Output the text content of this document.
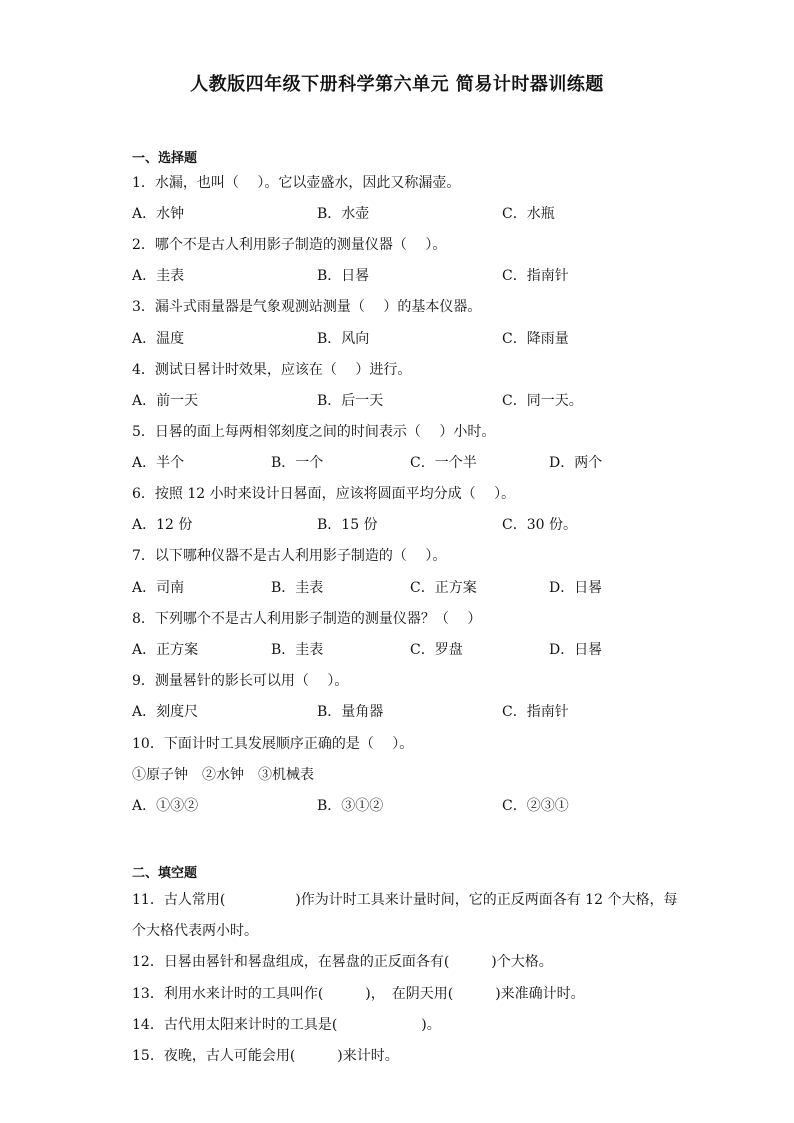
人教版四年级下册科学第六单元 简易计时器训练题
一、选择题
1．水漏，也叫（　 ）。它以壶盛水，因此又称漏壶。
A．水钟	B．水壶	C．水瓶
2．哪个不是古人利用影子制造的测量仪器（　 ）。
A．圭表	B．日晷	C．指南针
3．漏斗式雨量器是气象观测站测量（　 ）的基本仪器。
A．温度	B．风向	C．降雨量
4．测试日晷计时效果，应该在（　 ）进行。
A．前一天	B．后一天	C．同一天。
5．日晷的面上每两相邻刻度之间的时间表示（　 ）小时。
A．半个	B．一个	C．一个半	D．两个
6．按照 12 小时来设计日晷面，应该将圆面平均分成（　 ）。
A．12 份	B．15 份	C．30 份。
7．以下哪种仪器不是古人利用影子制造的（　 ）。
A．司南	B．圭表	C．正方案	D．日晷
8．下列哪个不是古人利用影子制造的测量仪器？（　 ）
A．正方案	B．圭表	C．罗盘	D．日晷
9．测量晷针的影长可以用（　 ）。
A．刻度尺	B．量角器	C．指南针
10．下面计时工具发展顺序正确的是（　 ）。
①原子钟　②水钟　③机械表
A．①③②	B．③①②	C．②③①
二、填空题
11．古人常用(　　　　　)作为计时工具来计量时间，它的正反两面各有 12 个大格，每
个大格代表两小时。
12．日晷由晷针和晷盘组成，在晷盘的正反面各有(　　　)个大格。
13．利用水来计时的工具叫作(　　　)，　在阴天用(　　　)来准确计时。
14．古代用太阳来计时的工具是(　　　　　　)。
15．夜晚，古人可能会用(　　　)来计时。
